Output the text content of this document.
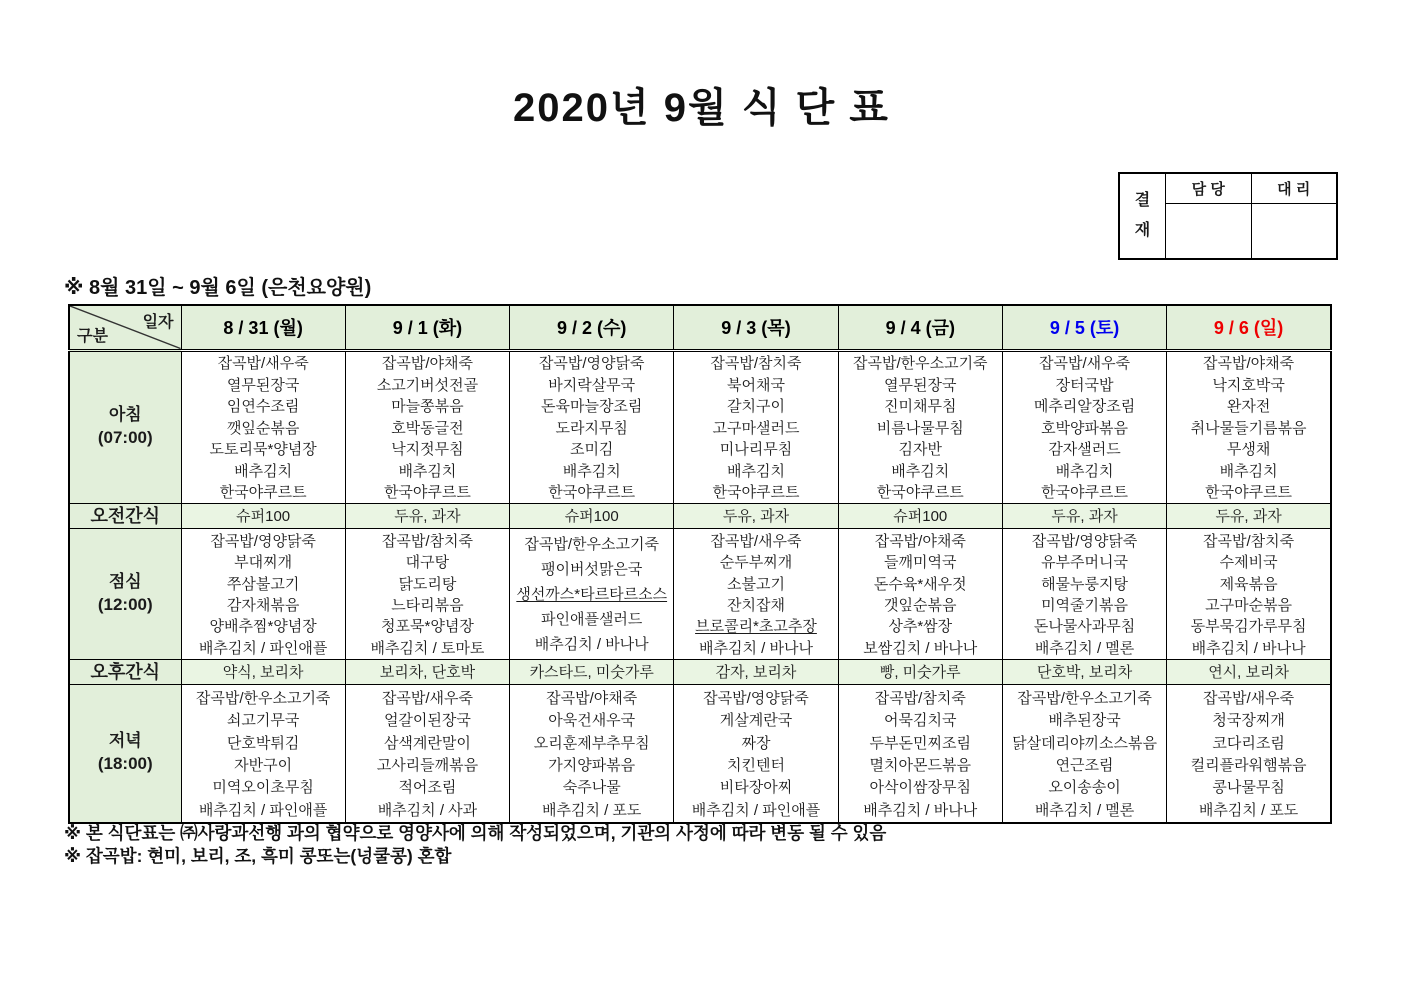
2020년 9월 식 단 표
결재
담 당	대 리
※ 8월 31일 ~ 9월 6일 (은천요양원)
일자
구분	8 / 31 (월)	9 / 1 (화)	9 / 2 (수)	9 / 3 (목)	9 / 4 (금)	9 / 5 (토)	9 / 6 (일)

아침
(07:00)

잡곡밥/새우죽
열무된장국
임연수조림
깻잎순볶음
도토리묵*양념장
배추김치
한국야쿠르트

잡곡밥/야채죽
소고기버섯전골
마늘쫑볶음
호박동글전
낙지젓무침
배추김치
한국야쿠르트

잡곡밥/영양닭죽
바지락살무국
돈육마늘장조림
도라지무침
조미김
배추김치
한국야쿠르트

잡곡밥/참치죽
북어채국
갈치구이
고구마샐러드
미나리무침
배추김치
한국야쿠르트

잡곡밥/한우소고기죽
열무된장국
진미채무침
비름나물무침
김자반
배추김치
한국야쿠르트

잡곡밥/새우죽
장터국밥
메추리알장조림
호박양파볶음
감자샐러드
배추김치
한국야쿠르트

잡곡밥/야채죽
낙지호박국
완자전
취나물들기름볶음
무생채
배추김치
한국야쿠르트

오전간식	슈퍼100	두유, 과자	슈퍼100	두유, 과자	슈퍼100	두유, 과자	두유, 과자

점심
(12:00)

잡곡밥/영양닭죽
부대찌개
쭈삼불고기
감자채볶음
양배추찜*양념장
배추김치 / 파인애플

잡곡밥/참치죽
대구탕
닭도리탕
느타리볶음
청포묵*양념장
배추김치 / 토마토

잡곡밥/한우소고기죽
팽이버섯맑은국
생선까스*타르타르소스
파인애플샐러드
배추김치 / 바나나

잡곡밥/새우죽
순두부찌개
소불고기
잔치잡채
브로콜리*초고추장
배추김치 / 바나나

잡곡밥/야채죽
들깨미역국
돈수육*새우젓
갯잎순볶음
상추*쌈장
보쌈김치 / 바나나

잡곡밥/영양닭죽
유부주머니국
해물누룽지탕
미역줄기볶음
돈나물사과무침
배추김치 / 멜론

잡곡밥/참치죽
수제비국
제육볶음
고구마순볶음
동부묵김가루무침
배추김치 / 바나나

오후간식	약식, 보리차	보리차, 단호박	카스타드, 미숫가루	감자, 보리차	빵, 미숫가루	단호박, 보리차	연시, 보리차

저녁
(18:00)

잡곡밥/한우소고기죽
쇠고기무국
단호박튀김
자반구이
미역오이초무침
배추김치 / 파인애플

잡곡밥/새우죽
얼갈이된장국
삼색계란말이
고사리들깨볶음
적어조림
배추김치 / 사과

잡곡밥/야채죽
아욱건새우국
오리훈제부추무침
가지양파볶음
숙주나물
배추김치 / 포도

잡곡밥/영양닭죽
게살계란국
짜장
치킨텐터
비타장아찌
배추김치 / 파인애플

잡곡밥/참치죽
어묵김치국
두부돈민찌조림
멸치아몬드볶음
아삭이쌈장무침
배추김치 / 바나나

잡곡밥/한우소고기죽
배추된장국
닭살데리야끼소스볶음
연근조림
오이송송이
배추김치 / 멜론

잡곡밥/새우죽
청국장찌개
코다리조림
컬리플라워햄볶음
콩나물무침
배추김치 / 포도
※ 본 식단표는 ㈜사랑과선행 과의 협약으로 영양사에 의해 작성되었으며, 기관의 사정에 따라 변동 될 수 있음
※ 잡곡밥: 현미, 보리, 조, 흑미 콩또는(넝쿨콩) 혼합
